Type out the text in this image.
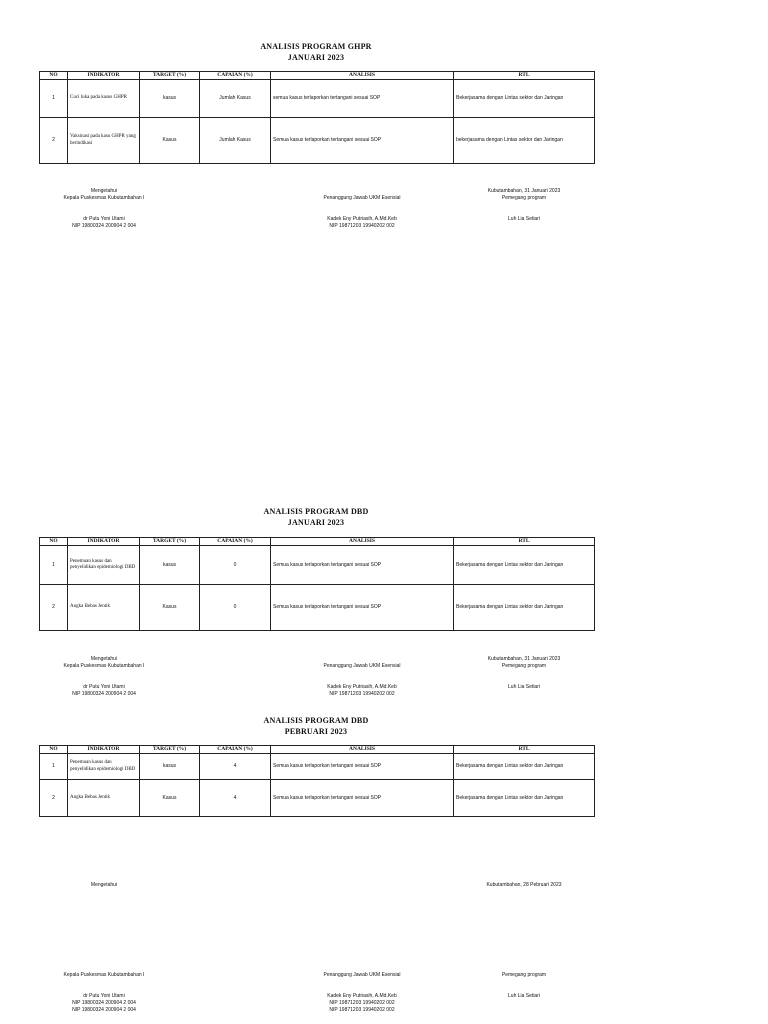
ANALISIS PROGRAM GHPR
JANUARI 2023
NO	INDIKATOR	TARGET (%)	CAPAIAN (%)	ANALISIS	RTL
1	Cuci luka pada kasus GHPR	kasus	Jumlah Kasus	semua kasus terlaporkan tertangani sesuai SOP	Bekerjasama dengan Lintas sektor dan Jaringan
2	Vaksinasi pada kasu GHPR yang berindikasi	Kasus	Jumlah Kasus	Semua kasus terlaporkan tertangani sesuai SOP	bekerjasama dengan Lintas sektor dan Jaringan
Mengetahui
Kepala Puskesmas Kubutambahan I
dr Putu Yoni Utami
NIP 19800324 200904 2 004
Penanggung Jawab UKM Esensial
Kadek Eny Putriasih, A.Md.Keb
NIP 19871203 19940202 002
Kubutambahan, 31 Januari 2023
Pemegang program
Luh Lia Setiari
ANALISIS PROGRAM DBD
JANUARI 2023
NO	INDIKATOR	TARGET (%)	CAPAIAN (%)	ANALISIS	RTL
1	Penemuan kasus dan penyelidikan epidemiologi DBD	kasus	0	Semua kasus terlaporkan tertangani sesuai SOP	Bekerjasama dengan Lintas sektor dan Jaringan
2	Angka Bebas Jentik	Kasus	0	Semua kasus terlaporkan tertangani sesuai SOP	Bekerjasama dengan Lintas sektor dan Jaringan
Mengetahui
Kepala Puskesmas Kubutambahan I
dr Putu Yoni Utami
NIP 19800324 200904 2 004
Penanggung Jawab UKM Esensial
Kadek Eny Putriasih, A.Md.Keb
NIP 19871203 19940202 002
Kubutambahan, 31 Januari 2023
Pemegang program
Luh Lia Setiari
ANALISIS PROGRAM DBD
PEBRUARI 2023
NO	INDIKATOR	TARGET (%)	CAPAIAN (%)	ANALISIS	RTL
1	Penemuan kasus dan penyelidikan epidemiologi DBD	kasus	4	Semua kasus terlaporkan tertangani sesuai SOP	Bekerjasama dengan Lintas sektor dan Jaringan
2	Angka Bebas Jentik	Kasus	4	Semua kasus terlaporkan tertangani sesuai SOP	Bekerjasama dengan Lintas sektor dan Jaringan
Mengetahui	Kubutambahan, 28 Pebruari 2023
Kepala Puskesmas Kubutambahan I
dr Putu Yoni Utami
NIP 19800324 200904 2 004
NIP 19800324 200904 2 004
Penanggung Jawab UKM Esensial
Kadek Eny Putriasih, A.Md.Keb
NIP 19871203 19940202 002
NIP 19871203 19940202 002
Pemegang program
Luh Lia Setiari
